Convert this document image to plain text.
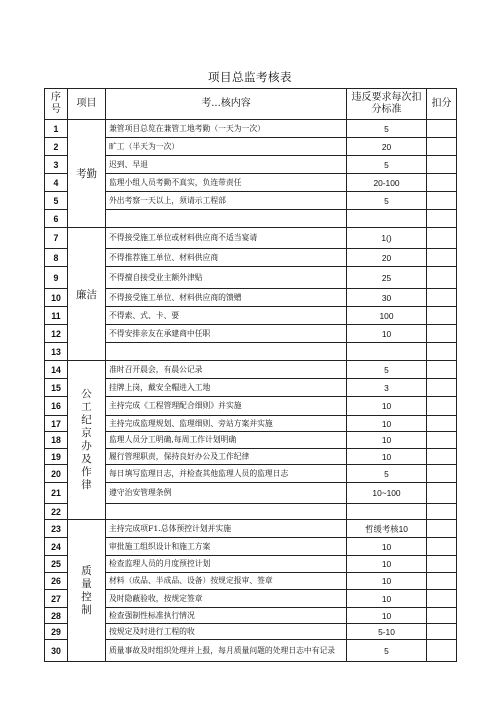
项目总监考核表
序号	项目	考...核内容	违反要求每次扣分标准	扣分
1	考勤	兼管项目总览在兼管工地考勤（一天为一次）	5	
2		旷工（半天为一次）	20	
3		迟到、早退	5	
4		监理小组人员考勤不真实，负连带责任	20-100	
5		外出考察一天以上，须请示工程部	5	
6				
7	廉洁	不得接受施工单位或材料供应商不适当宴请	1()	
8		不得推荐施工单位、材料供应商	20	
9		不得擅自接受业主额外津贴	25	
10		不得接受施工单位、材料供应商的馈赠	30	
11		不得索、式、卡、要	100	
12		不得安排亲友在承建商中任职	10	
13				
14	公工纪京办及作律	准时召开晨会，有晨公记录	5	
15		挂牌上岗，戴安全帽进入工地	3	
16		主持完成《工程管理配合细则》并实施	10	
17		主持完成监理规划、监理细则、旁站方案并实施	10	
18		监理人员分工明确,每周工作计划明确	10	
19		履行管理职责，保持良好办公及工作纪律	10	
20		每日填写监理日志，并检查其他监理人员的监理日志	5	
21		遵守治安管理条例	10~100	
22				
23	质量控制	主持完成项F1.总体预控计划并实施	哲缓考核10	
24		审批施工组织设计和施工方案	10	
25		检查监理人员的月度预控计划	10	
26		材料（成品、半成品、设备）按规定报审、签章	10	
27		及时隐蔽验收，按规定签章	10	
28		检查强制性标准执行情况	10	
29		按规定及时进行工程的收	5-10	
30		质量事故及时组织处理并上报，每月质量问题的处理日志中有记录	5	
